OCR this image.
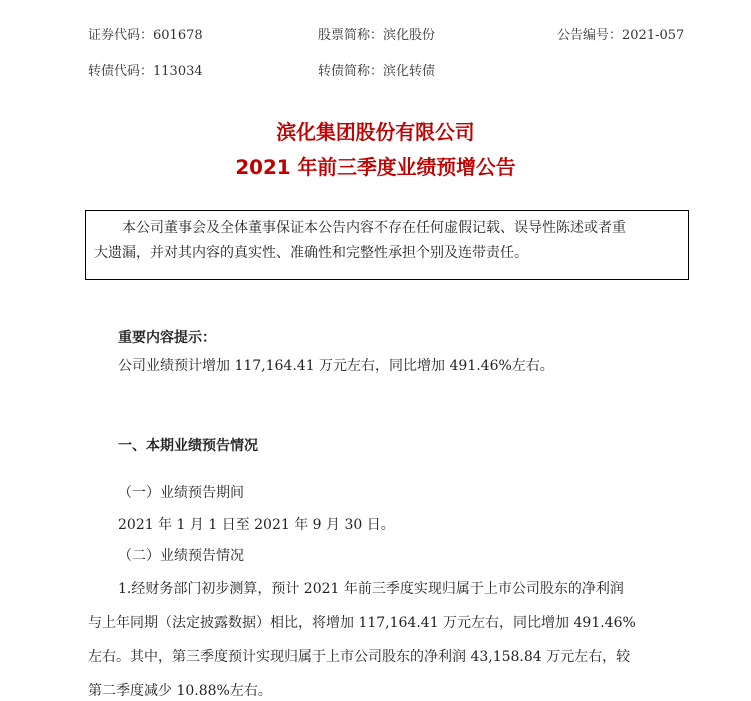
证券代码：601678	股票简称：滨化股份	公告编号：2021-057
转债代码：113034	转债简称：滨化转债
滨化集团股份有限公司
2021 年前三季度业绩预增公告

本公司董事会及全体董事保证本公告内容不存在任何虚假记载、误导性陈述或者重

大遗漏，并对其内容的真实性、准确性和完整性承担个别及连带责任。

重要内容提示：
公司业绩预计增加 117,164.41 万元左右，同比增加 491.46%左右。
一、本期业绩预告情况
（一）业绩预告期间
2021 年 1 月 1 日至 2021 年 9 月 30 日。
（二）业绩预告情况
1.经财务部门初步测算，预计 2021 年前三季度实现归属于上市公司股东的净利润
与上年同期（法定披露数据）相比，将增加 117,164.41 万元左右，同比增加 491.46%
左右。其中，第三季度预计实现归属于上市公司股东的净利润 43,158.84 万元左右，较
第二季度减少 10.88%左右。
